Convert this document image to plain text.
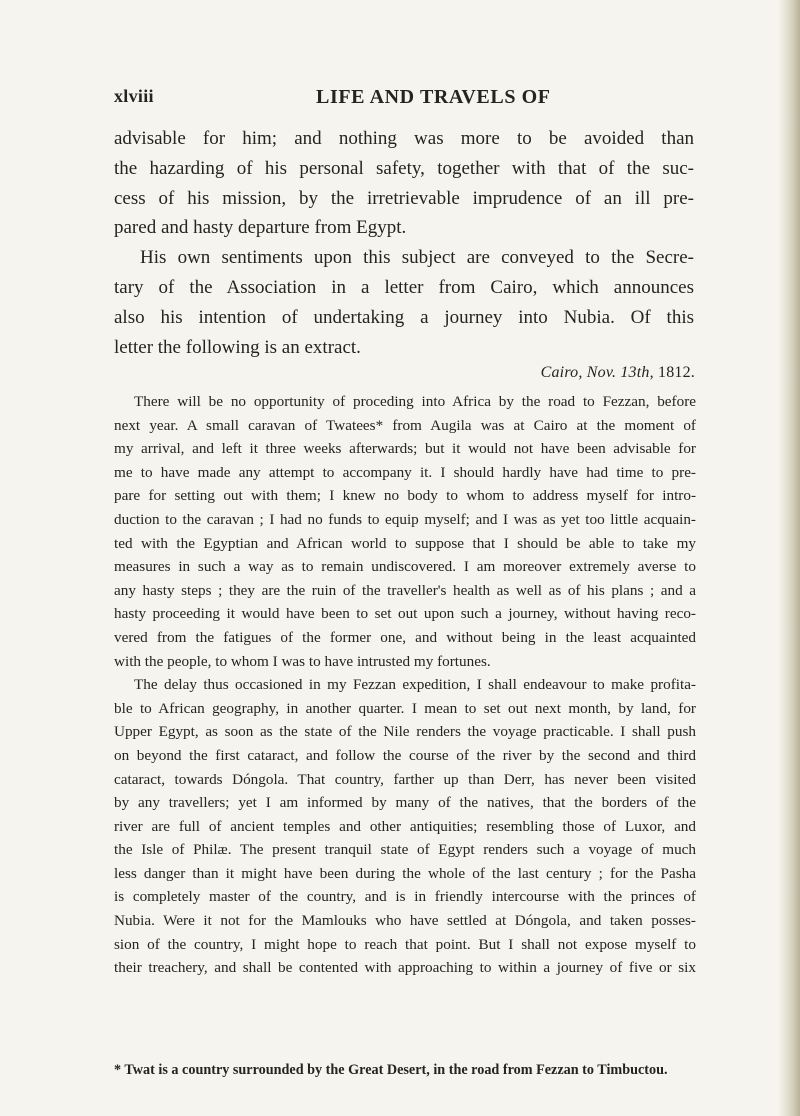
xlviii	LIFE AND TRAVELS OF
advisable for him; and nothing was more to be avoided than
the hazarding of his personal safety, together with that of the suc-
cess of his mission, by the irretrievable imprudence of an ill pre-
pared and hasty departure from Egypt.
His own sentiments upon this subject are conveyed to the Secre-
tary of the Association in a letter from Cairo, which announces
also his intention of undertaking a journey into Nubia. Of this
letter the following is an extract.
Cairo, Nov. 13th, 1812.
There will be no opportunity of proceding into Africa by the road to Fezzan, before
next year. A small caravan of Twatees* from Augila was at Cairo at the moment of
my arrival, and left it three weeks afterwards; but it would not have been advisable for
me to have made any attempt to accompany it. I should hardly have had time to pre-
pare for setting out with them; I knew no body to whom to address myself for intro-
duction to the caravan ; I had no funds to equip myself; and I was as yet too little acquain-
ted with the Egyptian and African world to suppose that I should be able to take my
measures in such a way as to remain undiscovered. I am moreover extremely averse to
any hasty steps ; they are the ruin of the traveller's health as well as of his plans ; and a
hasty proceeding it would have been to set out upon such a journey, without having reco-
vered from the fatigues of the former one, and without being in the least acquainted
with the people, to whom I was to have intrusted my fortunes.
The delay thus occasioned in my Fezzan expedition, I shall endeavour to make profita-
ble to African geography, in another quarter. I mean to set out next month, by land, for
Upper Egypt, as soon as the state of the Nile renders the voyage practicable. I shall push
on beyond the first cataract, and follow the course of the river by the second and third
cataract, towards Dóngola. That country, farther up than Derr, has never been visited
by any travellers; yet I am informed by many of the natives, that the borders of the
river are full of ancient temples and other antiquities; resembling those of Luxor, and
the Isle of Philæ. The present tranquil state of Egypt renders such a voyage of much
less danger than it might have been during the whole of the last century ; for the Pasha
is completely master of the country, and is in friendly intercourse with the princes of
Nubia. Were it not for the Mamlouks who have settled at Dóngola, and taken posses-
sion of the country, I might hope to reach that point. But I shall not expose myself to
their treachery, and shall be contented with approaching to within a journey of five or six
* Twat is a country surrounded by the Great Desert, in the road from Fezzan to Timbuctou.
